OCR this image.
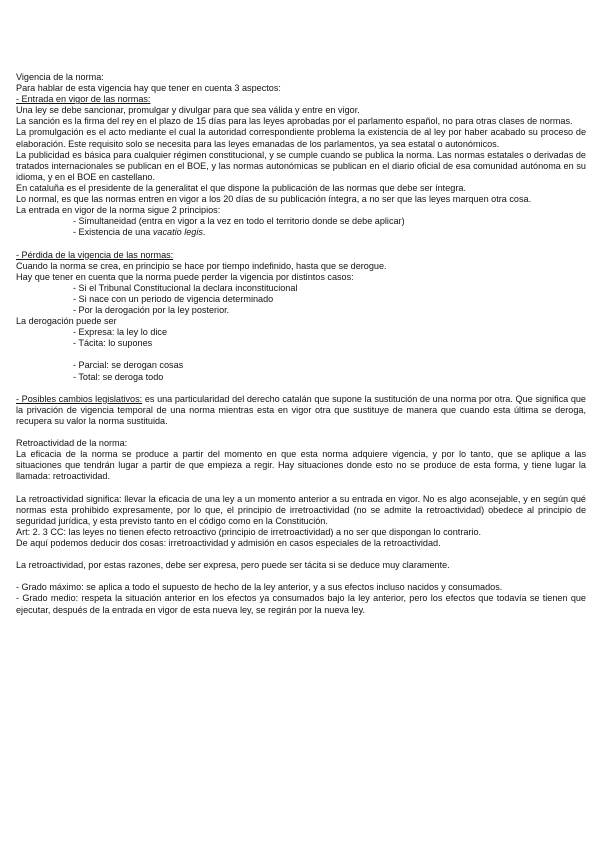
Vigencia de la norma:

Para hablar de esta vigencia hay que tener en cuenta 3 aspectos:

- Entrada en vigor de las normas:

Una ley se debe sancionar, promulgar y divulgar para que sea válida y entre en vigor.

La sanción es la firma del rey en el plazo de 15 días para las leyes aprobadas por el parlamento español, no para otras clases de normas.

La promulgación es el acto mediante el cual la autoridad correspondiente problema la existencia de al ley por haber acabado su proceso de elaboración. Este requisito solo se necesita para las leyes emanadas de los parlamentos, ya sea estatal o autonómicos.

La publicidad es básica para cualquier régimen constitucional, y se cumple cuando se publica la norma. Las normas estatales o derivadas de tratados internacionales se publican en el BOE, y las normas autonómicas se publican en el diario oficial de esa comunidad autónoma en su idioma, y en el BOE en castellano.

En cataluña es el presidente de la generalitat el que dispone la publicación de las normas que debe ser íntegra.

Lo normal, es que las normas entren en vigor a los 20 días de su publicación íntegra, a no ser que las leyes marquen otra cosa.

La entrada en vigor de la norma sigue 2 principios:

- Simultaneidad (entra en vigor a la vez en todo el territorio donde se debe aplicar)
- Existencia de una vacatio legis.

- Pérdida de la vigencia de las normas:

Cuando la norma se crea, en principio se hace por tiempo indefinido, hasta que se derogue.

Hay que tener en cuenta que la norma puede perder la vigencia por distintos casos:

- Si el Tribunal Constitucional la declara inconstitucional
- Si nace con un periodo de vigencia determinado
- Por la derogación por la ley posterior.

La derogación puede ser

- Expresa: la ley lo dice
- Tácita: lo supones
- Parcial: se derogan cosas
- Total: se deroga todo

- Posibles cambios legislativos: es una particularidad del derecho catalán que supone la sustitución de una norma por otra. Que significa que la privación de vigencia temporal de una norma mientras esta en vigor otra que sustituye de manera que cuando esta última se deroga, recupera su valor la norma sustituida.

Retroactividad de la norma:

La eficacia de la norma se produce a partir del momento en que esta norma adquiere vigencia, y por lo tanto, que se aplique a las situaciones que tendrán lugar a partir de que empieza a regir. Hay situaciones donde esto no se produce de esta forma, y tiene lugar la llamada: retroactividad.

La retroactividad significa: llevar la eficacia de una ley a un momento anterior a su entrada en vigor. No es algo aconsejable, y en según qué normas esta prohibido expresamente, por lo que, el principio de irretroactividad (no se admite la retroactividad) obedece al principio de seguridad jurídica, y esta previsto tanto en el código como en la Constitución.

Art: 2. 3 CC: las leyes no tienen efecto retroactivo (principio de irretroactividad) a no ser que dispongan lo contrario.

De aquí podemos deducir dos cosas: irretroactividad y admisión en casos especiales de la retroactividad.

La retroactividad, por estas razones, debe ser expresa, pero puede ser tácita si se deduce muy claramente.

- Grado máximo: se aplica a todo el supuesto de hecho de la ley anterior, y a sus efectos incluso nacidos y consumados.

- Grado medio: respeta la situación anterior en los efectos ya consumados bajo la ley anterior, pero los efectos que todavía se tienen que ejecutar, después de la entrada en vigor de esta nueva ley, se regirán por la nueva ley.
